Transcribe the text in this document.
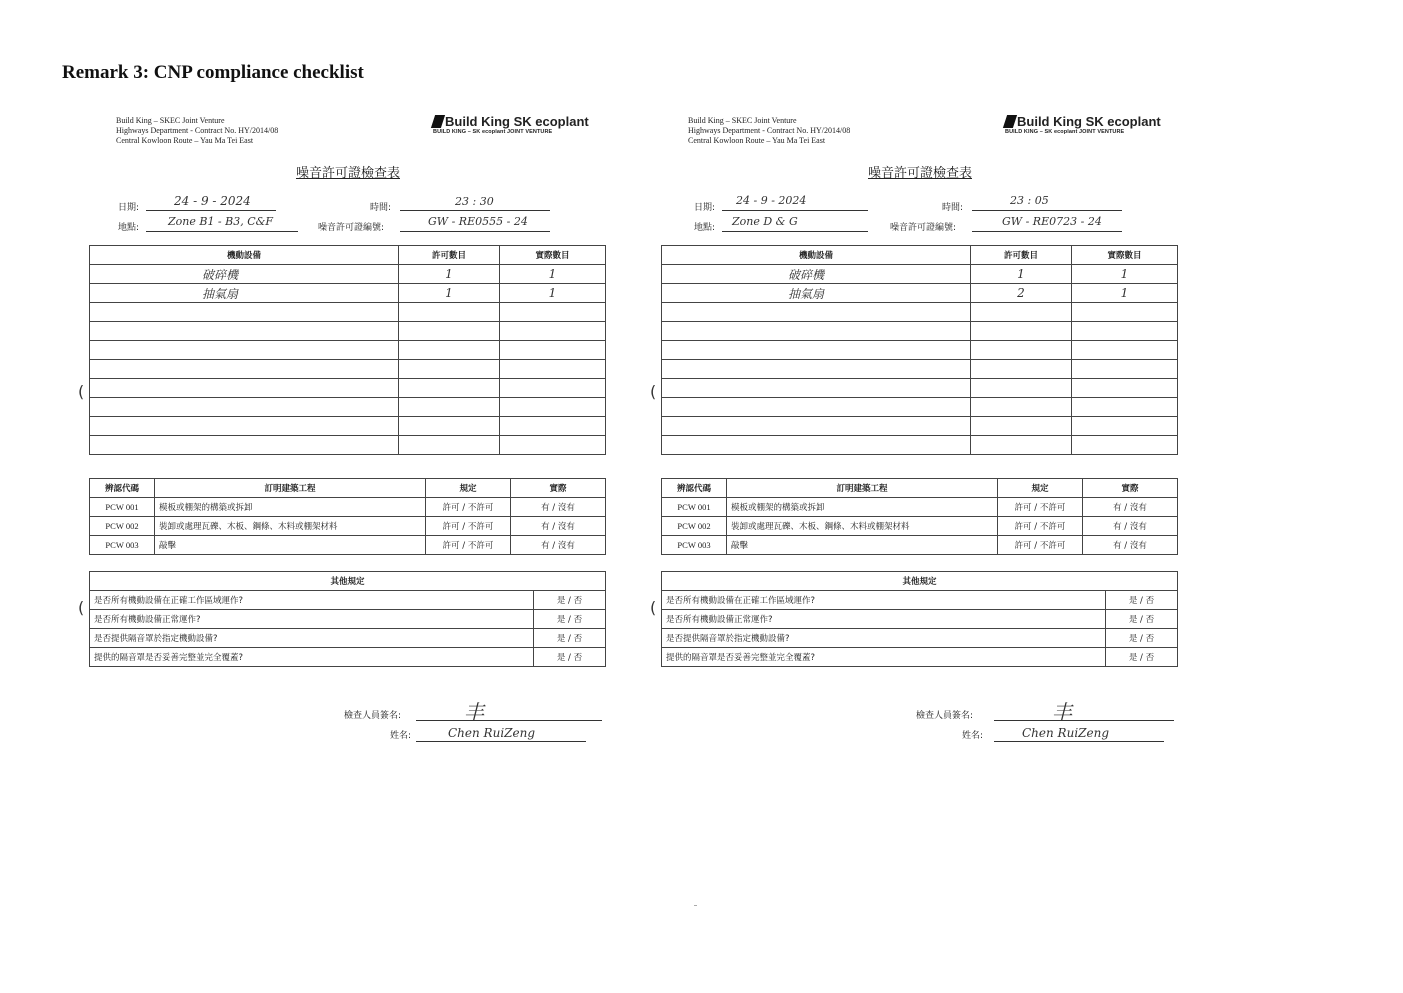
Remark 3: CNP compliance checklist
Build King – SKEC Joint Venture
Highways Department - Contract No. HY/2014/08
Central Kowloon Route – Yau Ma Tei East
Build King SK ecoplant
BUILD KING – SK ecoplant JOINT VENTURE
噪音許可證檢查表
日期:	24 - 9 - 2024	時間:	23 : 30
地點:	Zone B1 - B3, C&F	噪音許可證編號:	GW - RE0555 - 24
機動設備	許可數目	實際數目
破碎機	1	1
抽氣扇	1	1

(
辨認代碼	訂明建築工程	規定	實際
PCW 001	模板或棚架的構築或拆卸	許可 / 不許可	有 / 沒有
PCW 002	裝卸或處理瓦礫、木板、鋼條、木料或棚架材料	許可 / 不許可	有 / 沒有
PCW 003	敲擊	許可 / 不許可	有 / 沒有
其他規定	
是否所有機動設備在正確工作區域運作?	是 / 否
是否所有機動設備正常運作?	是 / 否
是否提供隔音罩於指定機動設備?	是 / 否
提供的隔音罩是否妥善完整並完全覆蓋?	是 / 否
(
檢查人員簽名:	丰
姓名:	Chen RuiZeng
Build King – SKEC Joint Venture
Highways Department - Contract No. HY/2014/08
Central Kowloon Route – Yau Ma Tei East
Build King SK ecoplant
BUILD KING – SK ecoplant JOINT VENTURE
噪音許可證檢查表
日期:
24 - 9 - 2024
時間:
23 : 05
地點: Zone D & G	噪音許可證編號:	GW - RE0723 - 24
機動設備	許可數目	實際數目
破碎機	1	1
抽氣扇	2	1

(
辨認代碼	訂明建築工程	規定	實際
PCW 001	模板或棚架的構築或拆卸	許可 / 不許可	有 / 沒有
PCW 002	裝卸或處理瓦礫、木板、鋼條、木料或棚架材料	許可 / 不許可	有 / 沒有
PCW 003	敲擊	許可 / 不許可	有 / 沒有
其他規定	
是否所有機動設備在正確工作區域運作?	是 / 否
是否所有機動設備正常運作?	是 / 否
是否提供隔音罩於指定機動設備?	是 / 否
提供的隔音罩是否妥善完整並完全覆蓋?	是 / 否
(
檢查人員簽名:	丰
姓名:	Chen RuiZeng
